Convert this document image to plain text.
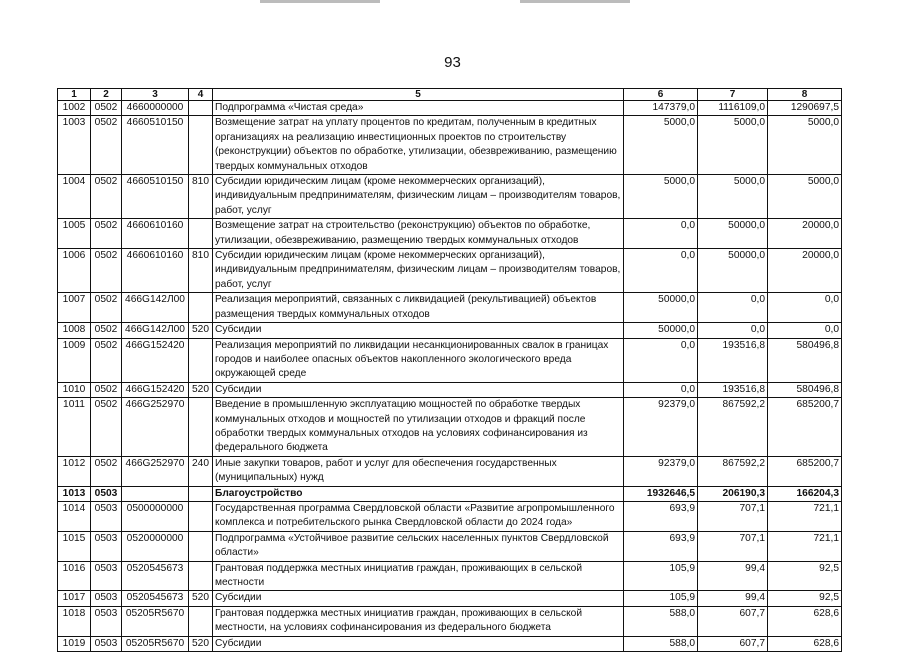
93
1	2	3	4	5	6	7	8
1002	0502	4660000000		Подпрограмма «Чистая среда»	147379,0	1116109,0	1290697,5
1003	0502	4660510150		Возмещение затрат на уплату процентов по кредитам, полученным в кредитных организациях на реализацию инвестиционных проектов по строительству (реконструкции) объектов по обработке, утилизации, обезвреживанию, размещению твердых коммунальных отходов	5000,0	5000,0	5000,0
1004	0502	4660510150	810	Субсидии юридическим лицам (кроме некоммерческих организаций), индивидуальным предпринимателям, физическим лицам – производителям товаров, работ, услуг	5000,0	5000,0	5000,0
1005	0502	4660610160		Возмещение затрат на строительство (реконструкцию) объектов по обработке, утилизации, обезвреживанию, размещению твердых коммунальных отходов	0,0	50000,0	20000,0
1006	0502	4660610160	810	Субсидии юридическим лицам (кроме некоммерческих организаций), индивидуальным предпринимателям, физическим лицам – производителям товаров, работ, услуг	0,0	50000,0	20000,0
1007	0502	466G142Л00		Реализация мероприятий, связанных с ликвидацией (рекультивацией) объектов размещения твердых коммунальных отходов	50000,0	0,0	0,0
1008	0502	466G142Л00	520	Субсидии	50000,0	0,0	0,0
1009	0502	466G152420		Реализация мероприятий по ликвидации несанкционированных свалок в границах городов и наиболее опасных объектов накопленного экологического вреда окружающей среде	0,0	193516,8	580496,8
1010	0502	466G152420	520	Субсидии	0,0	193516,8	580496,8
1011	0502	466G252970		Введение в промышленную эксплуатацию мощностей по обработке твердых коммунальных отходов и мощностей по утилизации отходов и фракций после обработки твердых коммунальных отходов на условиях софинансирования из федерального бюджета	92379,0	867592,2	685200,7
1012	0502	466G252970	240	Иные закупки товаров, работ и услуг для обеспечения государственных (муниципальных) нужд	92379,0	867592,2	685200,7
1013	0503			Благоустройство	1932646,5	206190,3	166204,3
1014	0503	0500000000		Государственная программа Свердловской области «Развитие агропромышленного комплекса и потребительского рынка Свердловской области до 2024 года»	693,9	707,1	721,1
1015	0503	0520000000		Подпрограмма «Устойчивое развитие сельских населенных пунктов Свердловской области»	693,9	707,1	721,1
1016	0503	0520545673		Грантовая поддержка местных инициатив граждан, проживающих в сельской местности	105,9	99,4	92,5
1017	0503	0520545673	520	Субсидии	105,9	99,4	92,5
1018	0503	05205R5670		Грантовая поддержка местных инициатив граждан, проживающих в сельской местности, на условиях софинансирования из федерального бюджета	588,0	607,7	628,6
1019	0503	05205R5670	520	Субсидии	588,0	607,7	628,6
